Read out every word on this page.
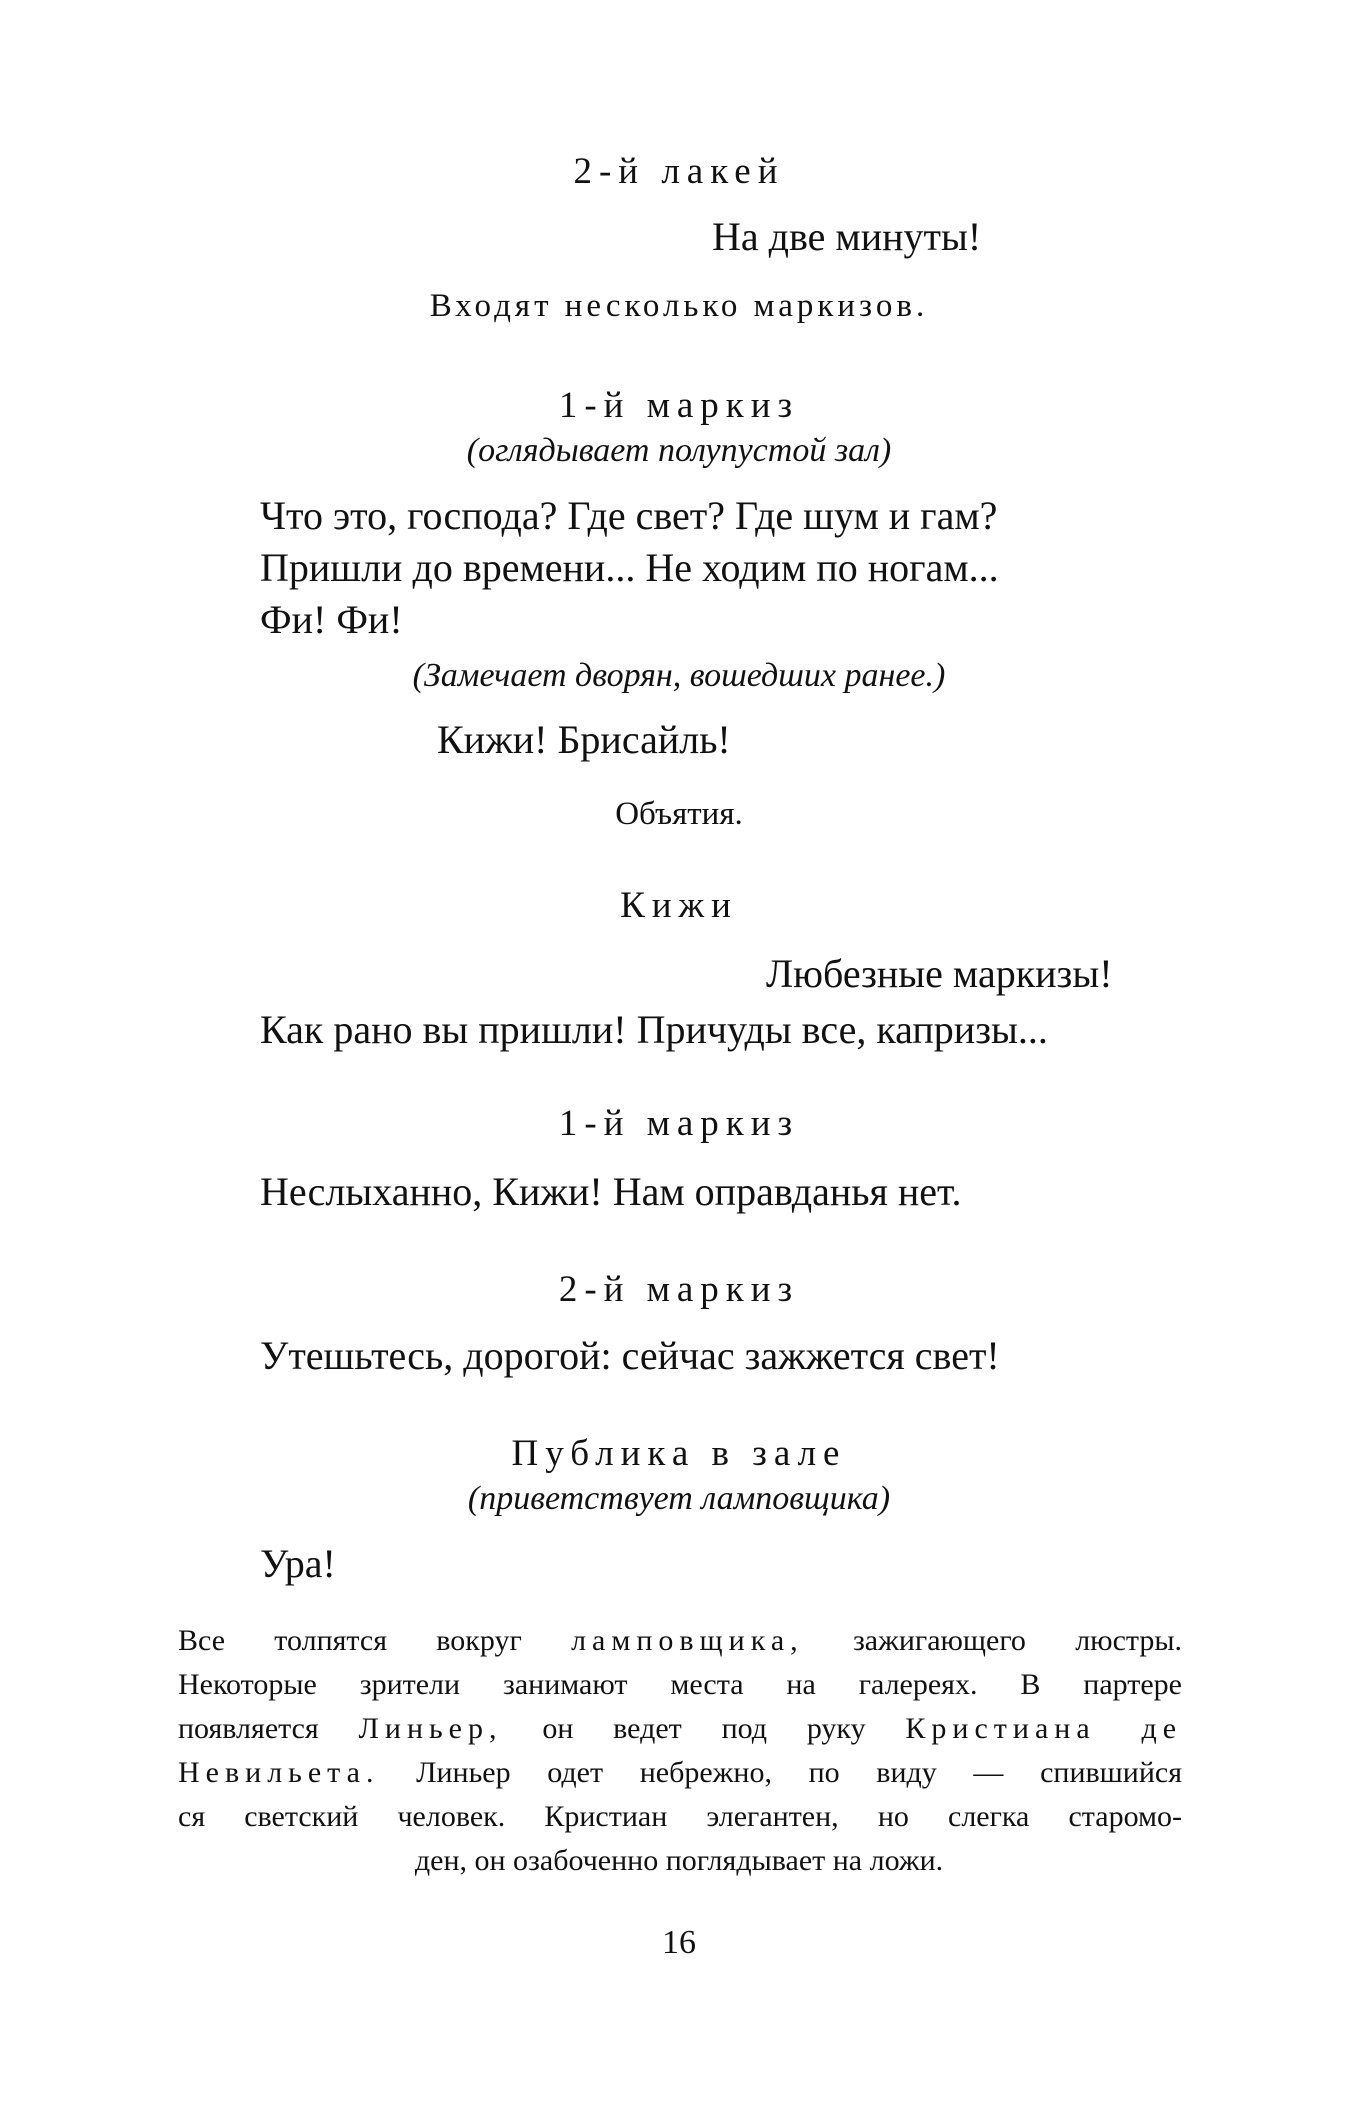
2-й лакей
На две минуты!
Входят несколько маркизов.
1-й маркиз
(оглядывает полупустой зал)
Что это, господа? Где свет? Где шум и гам?
Пришли до времени... Не ходим по ногам...
Фи! Фи!
(Замечает дворян, вошедших ранее.)
Кижи! Брисайль!
Объятия.
Кижи
Любезные маркизы!
Как рано вы пришли! Причуды все, капризы...
1-й маркиз
Неслыханно, Кижи! Нам оправданья нет.
2-й маркиз
Утешьтесь, дорогой: сейчас зажжется свет!
Публика в зале
(приветствует ламповщика)
Ура!
Все толпятся вокруг ламповщика, зажигающего люстры.
Некоторые зрители занимают места на галереях. В партере
появляется Линьер, он ведет под руку Кристиана де
Невильета. Линьер одет небрежно, по виду — спившийся
ся светский человек. Кристиан элегантен, но слегка старомо-
ден, он озабоченно поглядывает на ложи.
16
